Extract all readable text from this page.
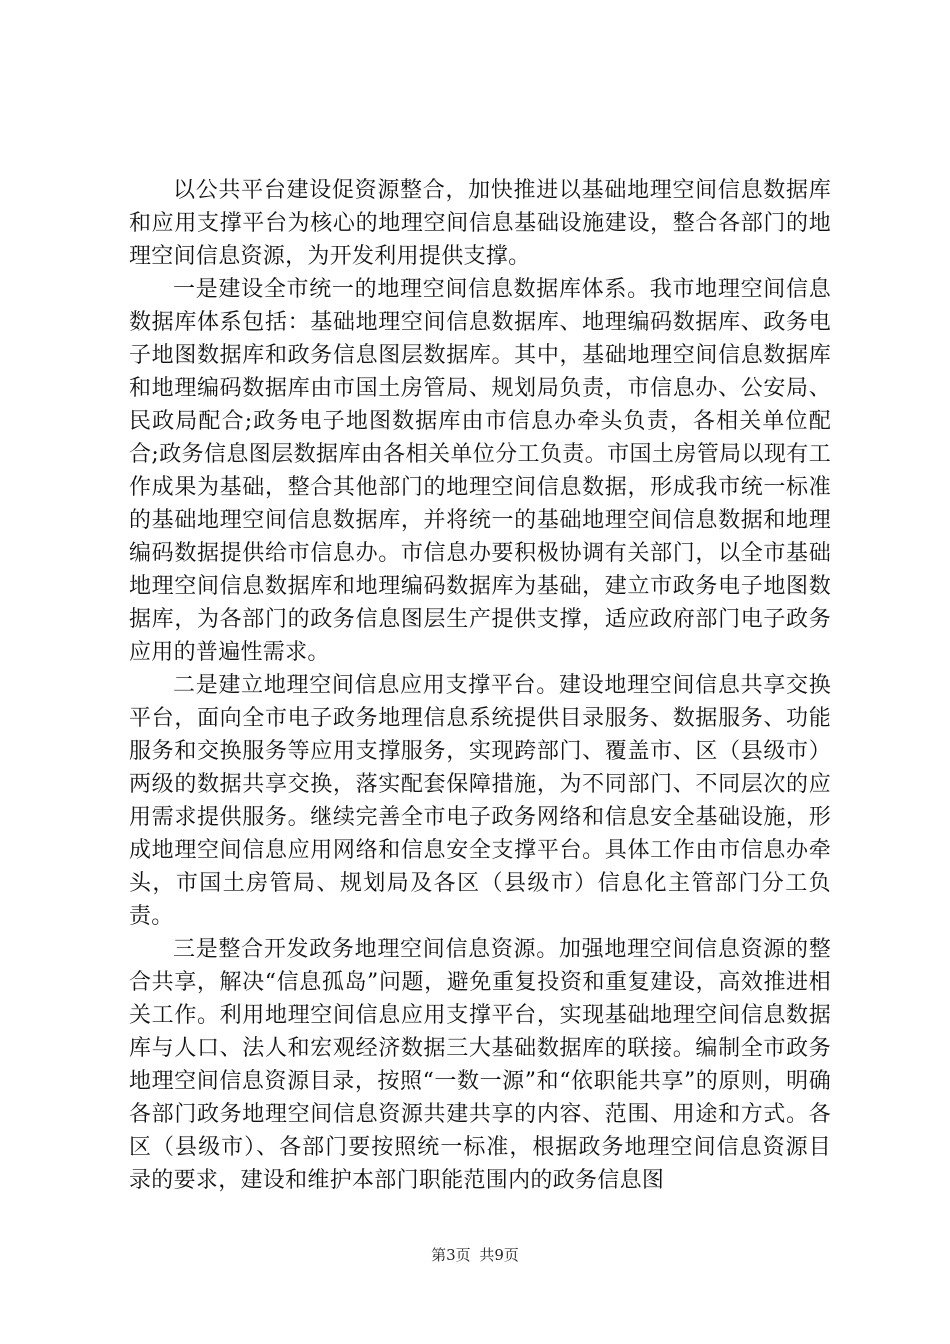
以公共平台建设促资源整合，加快推进以基础地理空间信息数据库和应用支撑平台为核心的地理空间信息基础设施建设，整合各部门的地理空间信息资源，为开发利用提供支撑。

一是建设全市统一的地理空间信息数据库体系。我市地理空间信息数据库体系包括：基础地理空间信息数据库、地理编码数据库、政务电子地图数据库和政务信息图层数据库。其中，基础地理空间信息数据库和地理编码数据库由市国土房管局、规划局负责，市信息办、公安局、民政局配合;政务电子地图数据库由市信息办牵头负责，各相关单位配合;政务信息图层数据库由各相关单位分工负责。市国土房管局以现有工作成果为基础，整合其他部门的地理空间信息数据，形成我市统一标准的基础地理空间信息数据库，并将统一的基础地理空间信息数据和地理编码数据提供给市信息办。市信息办要积极协调有关部门，以全市基础地理空间信息数据库和地理编码数据库为基础，建立市政务电子地图数据库，为各部门的政务信息图层生产提供支撑，适应政府部门电子政务应用的普遍性需求。

二是建立地理空间信息应用支撑平台。建设地理空间信息共享交换平台，面向全市电子政务地理信息系统提供目录服务、数据服务、功能服务和交换服务等应用支撑服务，实现跨部门、覆盖市、区（县级市）两级的数据共享交换，落实配套保障措施，为不同部门、不同层次的应用需求提供服务。继续完善全市电子政务网络和信息安全基础设施，形成地理空间信息应用网络和信息安全支撑平台。具体工作由市信息办牵头，市国土房管局、规划局及各区（县级市）信息化主管部门分工负责。

三是整合开发政务地理空间信息资源。加强地理空间信息资源的整合共享，解决“信息孤岛”问题，避免重复投资和重复建设，高效推进相关工作。利用地理空间信息应用支撑平台，实现基础地理空间信息数据库与人口、法人和宏观经济数据三大基础数据库的联接。编制全市政务地理空间信息资源目录，按照“一数一源”和“依职能共享”的原则，明确各部门政务地理空间信息资源共建共享的内容、范围、用途和方式。各区（县级市）、各部门要按照统一标准，根据政务地理空间信息资源目录的要求，建设和维护本部门职能范围内的政务信息图

第3页 共9页
